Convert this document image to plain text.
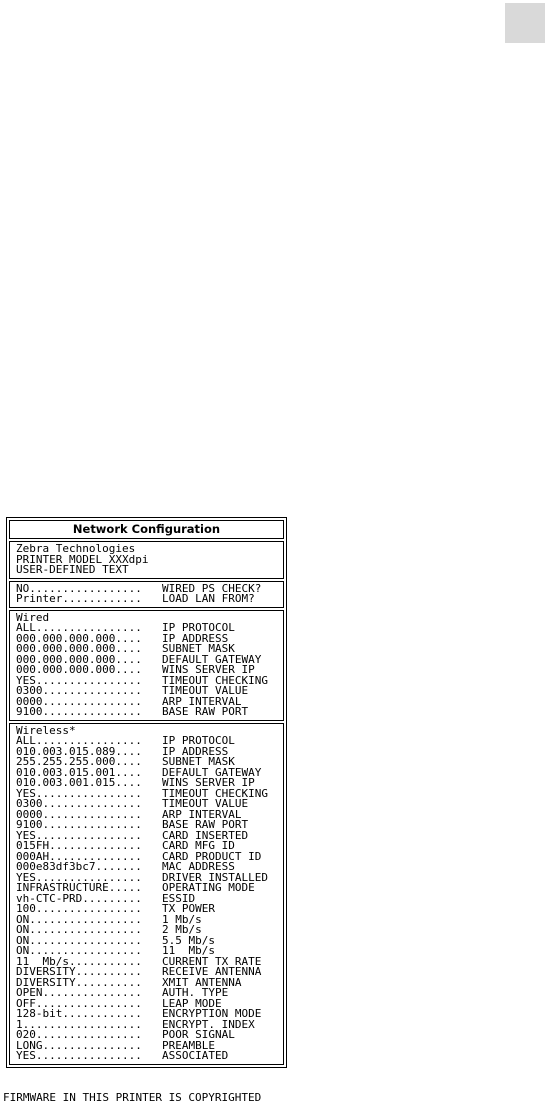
Network Configuration
Zebra Technologies
PRINTER MODEL XXXdpi
USER-DEFINED TEXT
NO.................	WIRED PS CHECK?
Printer............	LOAD LAN FROM?
Wired
ALL................	IP PROTOCOL
000.000.000.000....	IP ADDRESS
000.000.000.000....	SUBNET MASK
000.000.000.000....	DEFAULT GATEWAY
000.000.000.000....	WINS SERVER IP
YES................	TIMEOUT CHECKING
0300...............	TIMEOUT VALUE
0000...............	ARP INTERVAL
9100...............	BASE RAW PORT
Wireless*
ALL................	IP PROTOCOL
010.003.015.089....	IP ADDRESS
255.255.255.000....	SUBNET MASK
010.003.015.001....	DEFAULT GATEWAY
010.003.001.015....	WINS SERVER IP
YES................	TIMEOUT CHECKING
0300...............	TIMEOUT VALUE
0000...............	ARP INTERVAL
9100...............	BASE RAW PORT
YES................	CARD INSERTED
015FH..............	CARD MFG ID
000AH..............	CARD PRODUCT ID
000e83df3bc7.......	MAC ADDRESS
YES................	DRIVER INSTALLED
INFRASTRUCTURE.....	OPERATING MODE
vh-CTC-PRD.........	ESSID
100................	TX POWER
ON.................	1 Mb/s
ON.................	2 Mb/s
ON.................	5.5 Mb/s
ON.................	11  Mb/s
11  Mb/s...........	CURRENT TX RATE
DIVERSITY..........	RECEIVE ANTENNA
DIVERSITY..........	XMIT ANTENNA
OPEN...............	AUTH. TYPE
OFF................	LEAP MODE
128-bit............	ENCRYPTION MODE
1..................	ENCRYPT. INDEX
020................	POOR SIGNAL
LONG...............	PREAMBLE
YES................	ASSOCIATED
FIRMWARE IN THIS PRINTER IS COPYRIGHTED
